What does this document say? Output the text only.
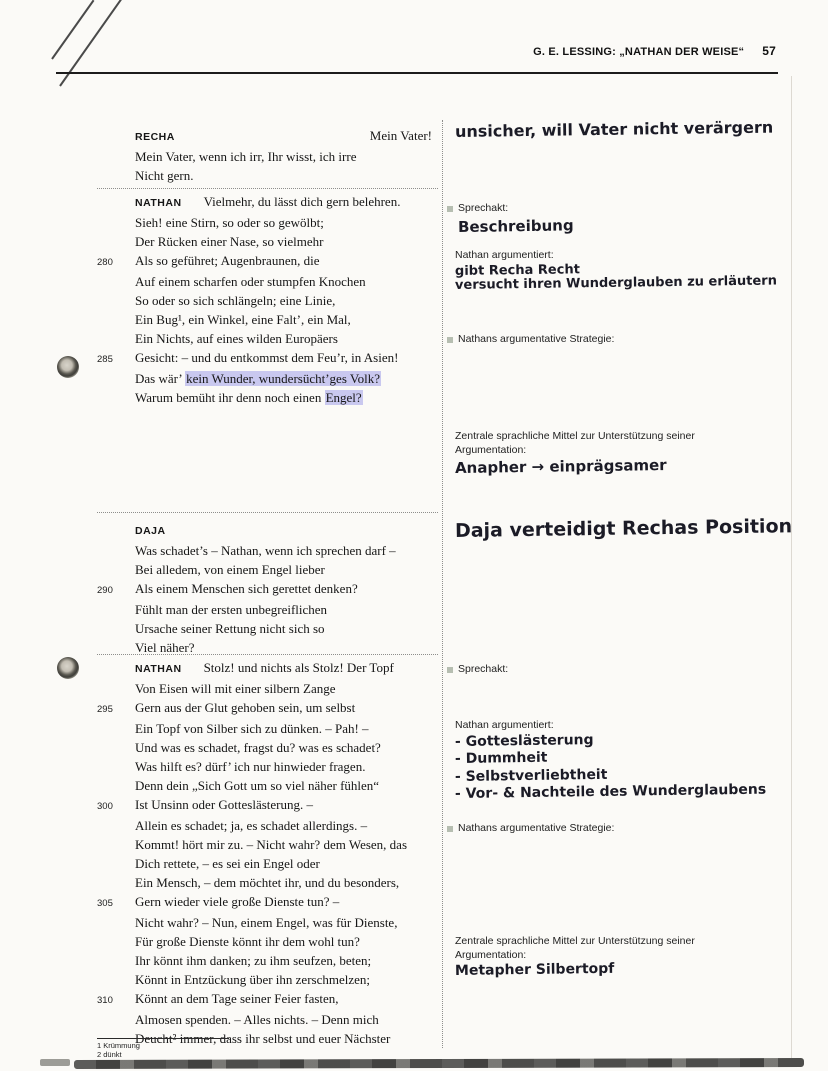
G. E. LESSING: „NATHAN DER WEISE“ 57
RECHA	Mein Vater!
Mein Vater, wenn ich irr, Ihr wisst, ich irre
Nicht gern.
NATHAN Vielmehr, du lässt dich gern belehren.
Sieh! eine Stirn, so oder so gewölbt;
Der Rücken einer Nase, so vielmehr
280	Als so geführet; Augenbraunen, die
Auf einem scharfen oder stumpfen Knochen
So oder so sich schlängeln; eine Linie,
Ein Bug¹, ein Winkel, eine Falt’, ein Mal,
Ein Nichts, auf eines wilden Europäers
285	Gesicht: – und du entkommst dem Feu’r, in Asien!
Das wär’ kein Wunder, wundersücht’ges Volk?
Warum bemüht ihr denn noch einen Engel?
DAJA
Was schadet’s – Nathan, wenn ich sprechen darf –
Bei alledem, von einem Engel lieber
290	Als einem Menschen sich gerettet denken?
Fühlt man der ersten unbegreiflichen
Ursache seiner Rettung nicht sich so
Viel näher?
NATHAN Stolz! und nichts als Stolz! Der Topf
Von Eisen will mit einer silbern Zange
295	Gern aus der Glut gehoben sein, um selbst
Ein Topf von Silber sich zu dünken. – Pah! –
Und was es schadet, fragst du? was es schadet?
Was hilft es? dürf’ ich nur hinwieder fragen.
Denn dein „Sich Gott um so viel näher fühlen“
300	Ist Unsinn oder Gotteslästerung. –
Allein es schadet; ja, es schadet allerdings. –
Kommt! hört mir zu. – Nicht wahr? dem Wesen, das
Dich rettete, – es sei ein Engel oder
Ein Mensch, – dem möchtet ihr, und du besonders,
305	Gern wieder viele große Dienste tun? –
Nicht wahr? – Nun, einem Engel, was für Dienste,
Für große Dienste könnt ihr dem wohl tun?
Ihr könnt ihm danken; zu ihm seufzen, beten;
Könnt in Entzückung über ihn zerschmelzen;
310	Könnt an dem Tage seiner Feier fasten,
Almosen spenden. – Alles nichts. – Denn mich
Deucht² immer, dass ihr selbst und euer Nächster
1 Krümmung
2 dünkt
unsicher, will Vater nicht verärgern
Sprechakt:
Beschreibung
Nathan argumentiert:
gibt Recha Recht
versucht ihren Wunderglauben zu erläutern
Nathans argumentative Strategie:
Zentrale sprachliche Mittel zur Unterstützung seiner Argumentation:
Anapher → einprägsamer
Daja verteidigt Rechas Position
Sprechakt:
Nathan argumentiert:
- Gotteslästerung
- Dummheit
- Selbstverliebtheit
- Vor- & Nachteile des Wunderglaubens
Nathans argumentative Strategie:
Zentrale sprachliche Mittel zur Unterstützung seiner Argumentation:
Metapher Silbertopf
